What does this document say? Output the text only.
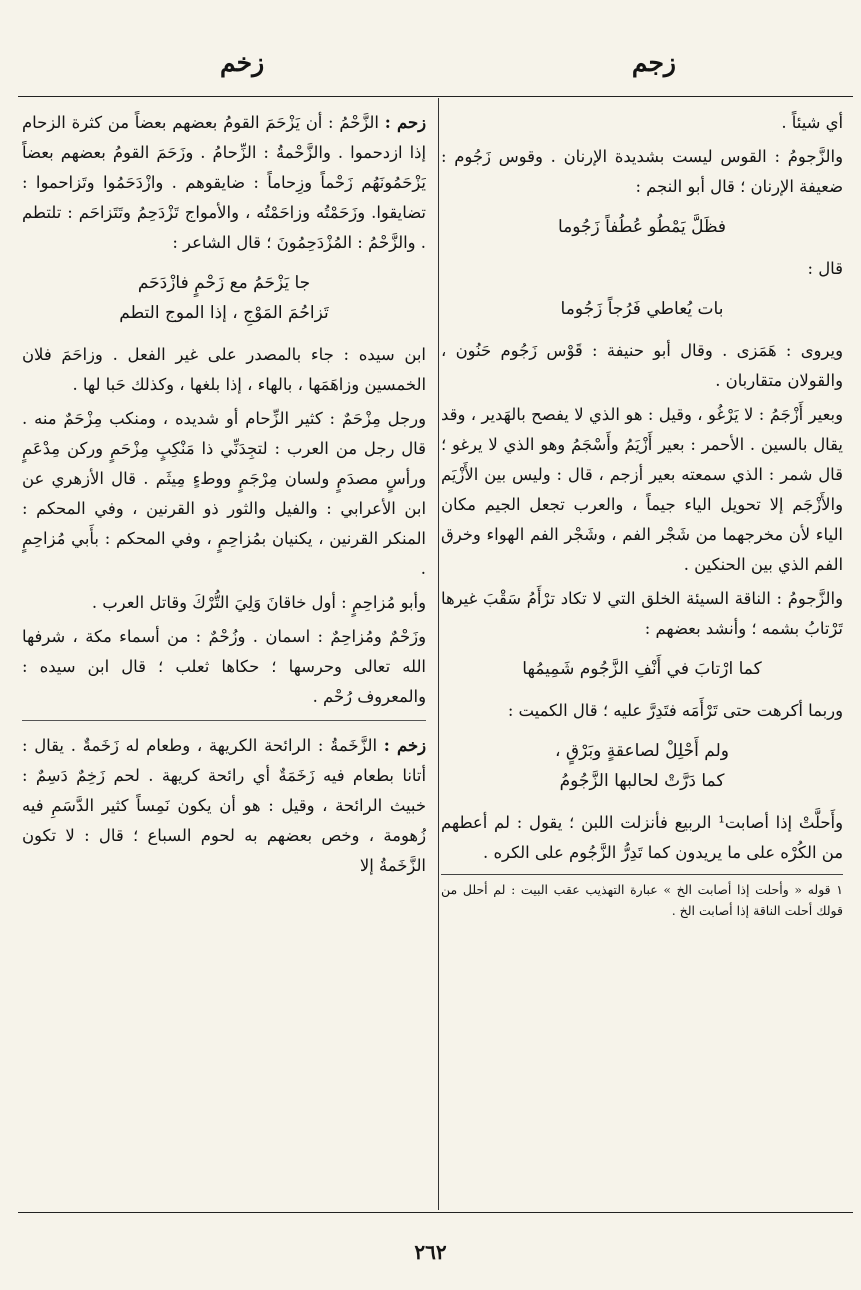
زجم
زخم

أي شيئاً .

والزَّجومُ : القوس ليست بشديدة الإرنان . وقوس زَجُوم : ضعيفة الإرنان ؛ قال أبو النجم :

فظَلَّ يَمْطُو عُطُفاً زَجُوما

قال :

بات يُعاطي فَرُجاً زَجُوما

ويروى : هَمَزى . وقال أبو حنيفة : قَوْس زَجُوم حَنُون ، والقولان متقاربان .

وبعير أَزْجَمُ : لا يَرْغُو ، وقيل : هو الذي لا يفصح بالهَدير ، وقد يقال بالسين . الأحمر : بعير أَزْيَمُ وأَسْجَمُ وهو الذي لا يرغو ؛ قال شمر : الذي سمعته بعير أزجم ، قال : وليس بين الأَزْيَم والأَزْجَم إلا تحويل الياء جيماً ، والعرب تجعل الجيم مكان الياء لأن مخرجهما من شَجْر الفم ، وشَجْر الفم الهواء وخرق الفم الذي بين الحنكين .

والزَّجومُ : الناقة السيئة الخلق التي لا تكاد ترْأَمُ سَقْبَ غيرها تَرْتابُ بشمه ؛ وأنشد بعضهم :

كما ارْتابَ في أَنْفِ الزَّجُوم شَمِيمُها

وربما أكرهت حتى تَرْأَمَه فتَدِرَّ عليه ؛ قال الكميت :

ولم أَحْلِلْ لصاعقةٍ وبَرْقٍ ،
كما دَرَّتْ لحالبها الزَّجُومُ

وأَحلَّتْ إذا أصابت¹ الربيع فأنزلت اللبن ؛ يقول : لم أعطهم من الكُرْه على ما يريدون كما تَدِرُّ الزَّجُوم على الكره .

١ قوله « وأحلت إذا أصابت الخ » عبارة التهذيب عقب البيت : لم أحلل من قولك أحلت الناقة إذا أصابت الخ .

زحم : الزَّحْمُ : أن يَزْحَمَ القومُ بعضهم بعضاً من كثرة الزحام إذا ازدحموا . والزَّحْمةُ : الزِّحامُ . وزَحَمَ القومُ بعضهم بعضاً يَزْحَمُونَهُم زَحْماً وزِحاماً : ضايقوهم . وازْدَحَمُوا وتَزاحموا : تضايقوا. وزَحَمْتُه وزاحَمْتُه ، والأمواج تَزْدَحِمُ وتَتَزاحَم : تلتطم . والزَّحْمُ : المُزْدَحِمُونَ ؛ قال الشاعر :

جا يَزْحَمُ مع زَحْمٍ فازْدَحَم
تَزاحُمَ المَوْجِ ، إذا الموج التطم

ابن سيده : جاء بالمصدر على غير الفعل . وزاحَمَ فلان الخمسين وزاهَمَها ، بالهاء ، إذا بلغها ، وكذلك حَبا لها .

ورجل مِزْحَمٌ : كثير الزِّحام أو شديده ، ومنكب مِزْحَمٌ منه . قال رجل من العرب : لتجِدَنِّي ذا مَنْكِبٍ مِزْحَمٍ وركن مِدْعَمٍ ورأسٍ مصدَمٍ ولسان مِرْجَمٍ ووطءٍ مِيثَم . قال الأزهري عن ابن الأعرابي : والفيل والثور ذو القرنين ، وفي المحكم : المنكر القرنين ، يكنيان بمُزاحِمٍ ، وفي المحكم : بأَبي مُزاحِمٍ .

وأبو مُزاحِمٍ : أول خاقانَ وَلِيَ التُّرْكَ وقاتل العرب .

وزَحْمٌ ومُزاحِمٌ : اسمان . وزُحْمٌ : من أسماء مكة ، شرفها الله تعالى وحرسها ؛ حكاها ثعلب ؛ قال ابن سيده : والمعروف رُحْم .

زخم : الزَّخَمةُ : الرائحة الكريهة ، وطعام له زَخَمةٌ . يقال : أتانا بطعام فيه زَخَمَةٌ أي رائحة كريهة . لحم زَخِمٌ دَسِمٌ : خبيث الرائحة ، وقيل : هو أن يكون نَمِساً كثير الدَّسَمِ فيه زُهومة ، وخص بعضهم به لحوم السباع ؛ قال : لا تكون الزَّخَمةُ إلا

٢٦٢
